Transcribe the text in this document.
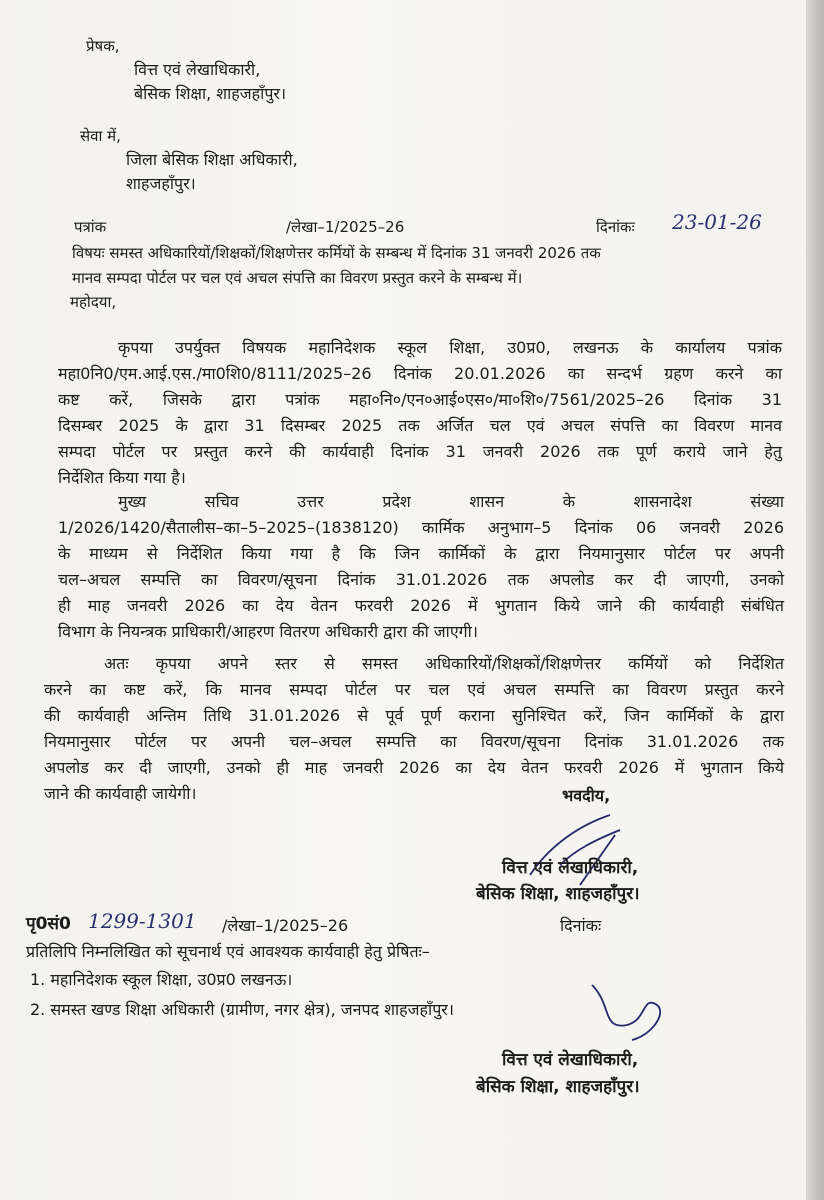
प्रेषक,
वित्त एवं लेखाधिकारी,
बेसिक शिक्षा, शाहजहाँपुर।
सेवा में,
जिला बेसिक शिक्षा अधिकारी,
शाहजहाँपुर।
पत्रांक	/लेखा–1/2025–26	दिनांकः 23-01-26
विषयः समस्त अधिकारियों/शिक्षकों/शिक्षणेत्तर कर्मियों के सम्बन्ध में दिनांक 31 जनवरी 2026 तक
मानव सम्पदा पोर्टल पर चल एवं अचल संपत्ति का विवरण प्रस्तुत करने के सम्बन्ध में।
महोदया,
कृपया उपर्युक्त विषयक महानिदेशक स्कूल शिक्षा, उ0प्र0, लखनऊ के कार्यालय पत्रांक
महा0नि0/एम.आई.एस./मा0शि0/8111/2025–26 दिनांक 20.01.2026 का सन्दर्भ ग्रहण करने का
कष्ट करें, जिसके द्वारा पत्रांक महा०नि०/एन०आई०एस०/मा०शि०/7561/2025–26 दिनांक 31
दिसम्बर 2025 के द्वारा 31 दिसम्बर 2025 तक अर्जित चल एवं अचल संपत्ति का विवरण मानव
सम्पदा पोर्टल पर प्रस्तुत करने की कार्यवाही दिनांक 31 जनवरी 2026 तक पूर्ण कराये जाने हेतु
निर्देशित किया गया है।
मुख्य सचिव उत्तर प्रदेश शासन के शासनादेश संख्या
1/2026/1420/सैतालीस–का–5–2025–(1838120) कार्मिक अनुभाग–5 दिनांक 06 जनवरी 2026
के माध्यम से निर्देशित किया गया है कि जिन कार्मिकों के द्वारा नियमानुसार पोर्टल पर अपनी
चल–अचल सम्पत्ति का विवरण/सूचना दिनांक 31.01.2026 तक अपलोड कर दी जाएगी, उनको
ही माह जनवरी 2026 का देय वेतन फरवरी 2026 में भुगतान किये जाने की कार्यवाही संबंधित
विभाग के नियन्त्रक प्राधिकारी/आहरण वितरण अधिकारी द्वारा की जाएगी।
अतः कृपया अपने स्तर से समस्त अधिकारियों/शिक्षकों/शिक्षणेत्तर कर्मियों को निर्देशित
करने का कष्ट करें, कि मानव सम्पदा पोर्टल पर चल एवं अचल सम्पत्ति का विवरण प्रस्तुत करने
की कार्यवाही अन्तिम तिथि 31.01.2026 से पूर्व पूर्ण कराना सुनिश्चित करें, जिन कार्मिकों के द्वारा
नियमानुसार पोर्टल पर अपनी चल–अचल सम्पत्ति का विवरण/सूचना दिनांक 31.01.2026 तक
अपलोड कर दी जाएगी, उनको ही माह जनवरी 2026 का देय वेतन फरवरी 2026 में भुगतान किये
जाने की कार्यवाही जायेगी।	भवदीय,
वित्त एवं लेखाधिकारी,
बेसिक शिक्षा, शाहजहाँपुर।
पृ0सं0 1299-1301 /लेखा–1/2025–26	दिनांकः
प्रतिलिपि निम्नलिखित को सूचनार्थ एवं आवश्यक कार्यवाही हेतु प्रेषितः–
1. महानिदेशक स्कूल शिक्षा, उ0प्र0 लखनऊ।
2. समस्त खण्ड शिक्षा अधिकारी (ग्रामीण, नगर क्षेत्र), जनपद शाहजहाँपुर।
वित्त एवं लेखाधिकारी,
बेसिक शिक्षा, शाहजहाँपुर।
